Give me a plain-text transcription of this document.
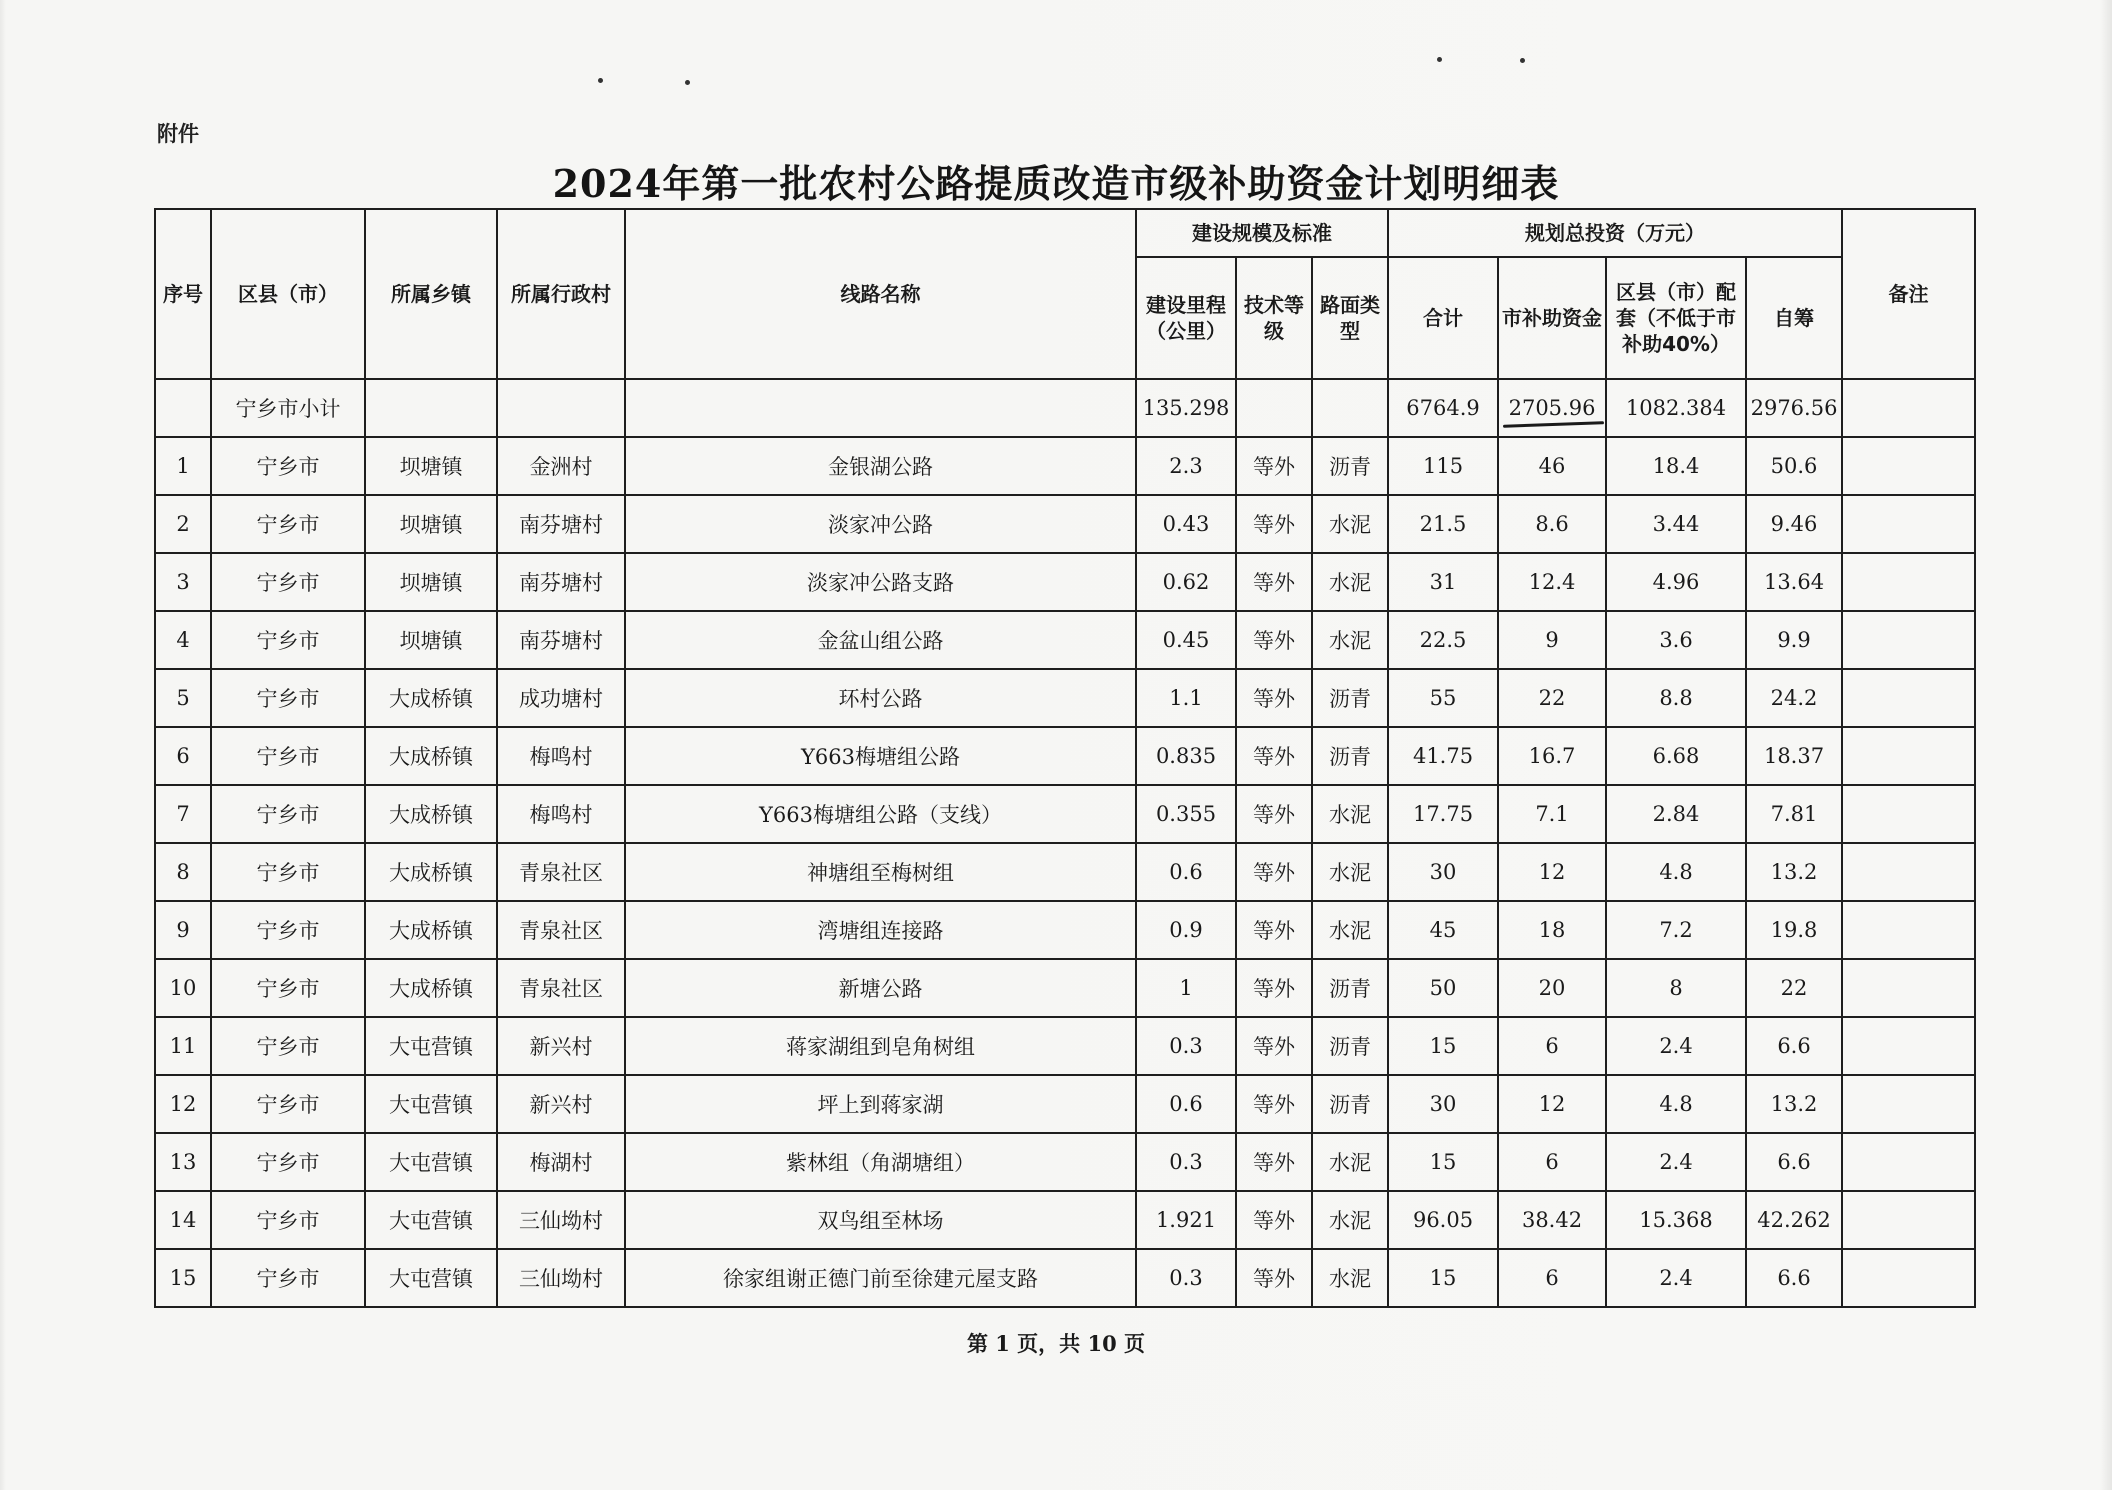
附件
2024年第一批农村公路提质改造市级补助资金计划明细表
序号	区县（市）	所属乡镇	所属行政村	线路名称	建设规模及标准			规划总投资（万元）				备注
					建设里程（公里）	技术等级	路面类型	合计	市补助资金	区县（市）配套（不低于市补助40%）	自筹	
	宁乡市小计				135.298			6764.9	2705.96	1082.384	2976.56	
1	宁乡市	坝塘镇	金洲村	金银湖公路	2.3	等外	沥青	115	46	18.4	50.6	
2	宁乡市	坝塘镇	南芬塘村	淡家冲公路	0.43	等外	水泥	21.5	8.6	3.44	9.46	
3	宁乡市	坝塘镇	南芬塘村	淡家冲公路支路	0.62	等外	水泥	31	12.4	4.96	13.64	
4	宁乡市	坝塘镇	南芬塘村	金盆山组公路	0.45	等外	水泥	22.5	9	3.6	9.9	
5	宁乡市	大成桥镇	成功塘村	环村公路	1.1	等外	沥青	55	22	8.8	24.2	
6	宁乡市	大成桥镇	梅鸣村	Y663梅塘组公路	0.835	等外	沥青	41.75	16.7	6.68	18.37	
7	宁乡市	大成桥镇	梅鸣村	Y663梅塘组公路（支线）	0.355	等外	水泥	17.75	7.1	2.84	7.81	
8	宁乡市	大成桥镇	青泉社区	神塘组至梅树组	0.6	等外	水泥	30	12	4.8	13.2	
9	宁乡市	大成桥镇	青泉社区	湾塘组连接路	0.9	等外	水泥	45	18	7.2	19.8	
10	宁乡市	大成桥镇	青泉社区	新塘公路	1	等外	沥青	50	20	8	22	
11	宁乡市	大屯营镇	新兴村	蒋家湖组到皂角树组	0.3	等外	沥青	15	6	2.4	6.6	
12	宁乡市	大屯营镇	新兴村	坪上到蒋家湖	0.6	等外	沥青	30	12	4.8	13.2	
13	宁乡市	大屯营镇	梅湖村	紫林组（角湖塘组）	0.3	等外	水泥	15	6	2.4	6.6	
14	宁乡市	大屯营镇	三仙坳村	双鸟组至林场	1.921	等外	水泥	96.05	38.42	15.368	42.262	
15	宁乡市	大屯营镇	三仙坳村	徐家组谢正德门前至徐建元屋支路	0.3	等外	水泥	15	6	2.4	6.6	
第 1 页，共 10 页
